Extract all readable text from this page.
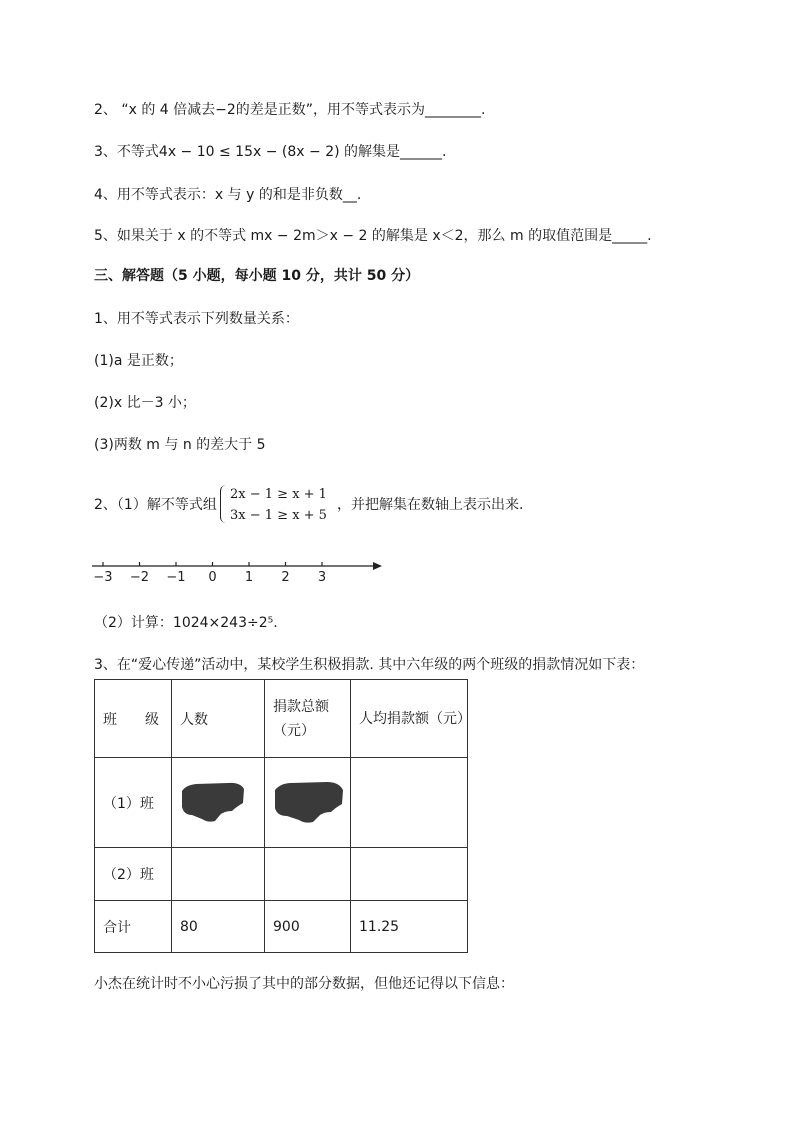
2、 “x 的 4 倍减去−2的差是正数”，用不等式表示为________.
3、不等式4x − 10 ≤ 15x − (8x − 2) 的解集是______.
4、用不等式表示：x 与 y 的和是非负数__.
5、如果关于 x 的不等式 mx − 2m＞x − 2 的解集是 x＜2，那么 m 的取值范围是_____.
三、解答题（5 小题，每小题 10 分，共计 50 分）
1、用不等式表示下列数量关系：
(1)a 是正数；
(2)x 比－3 小；
(3)两数 m 与 n 的差大于 5
2、（1）解不等式组
2x − 1 ≥ x + 1
3x − 1 ≥ x + 5
，并把解集在数轴上表示出来.
−3 −2 −1 0 1 2 3
（2）计算：1024×243÷2⁵.
3、在“爱心传递”活动中，某校学生积极捐款. 其中六年级的两个班级的捐款情况如下表：
班　　级	人数	捐款总额（元）	人均捐款额（元）
（1）班	

（2）班			
合计	80	900	11.25
小杰在统计时不小心污损了其中的部分数据，但他还记得以下信息：
